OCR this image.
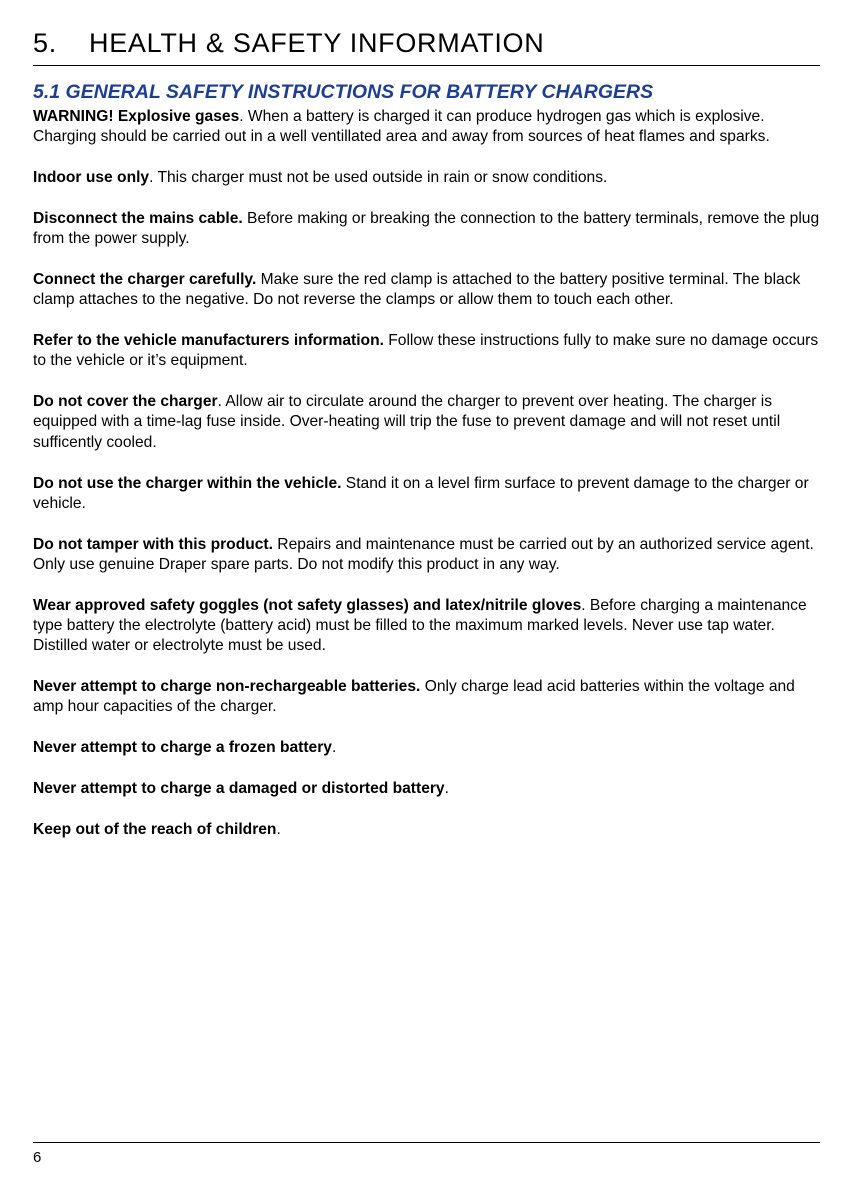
5. HEALTH & SAFETY INFORMATION
5.1 GENERAL SAFETY INSTRUCTIONS FOR BATTERY CHARGERS

WARNING! Explosive gases. When a battery is charged it can produce hydrogen gas which is explosive. Charging should be carried out in a well ventillated area and away from sources of heat flames and sparks.

Indoor use only. This charger must not be used outside in rain or snow conditions.

Disconnect the mains cable. Before making or breaking the connection to the battery terminals, remove the plug from the power supply.

Connect the charger carefully. Make sure the red clamp is attached to the battery positive terminal. The black clamp attaches to the negative. Do not reverse the clamps or allow them to touch each other.

Refer to the vehicle manufacturers information. Follow these instructions fully to make sure no damage occurs to the vehicle or it’s equipment.

Do not cover the charger. Allow air to circulate around the charger to prevent over heating. The charger is equipped with a time-lag fuse inside. Over-heating will trip the fuse to prevent damage and will not reset until sufficently cooled.

Do not use the charger within the vehicle. Stand it on a level firm surface to prevent damage to the charger or vehicle.

Do not tamper with this product. Repairs and maintenance must be carried out by an authorized service agent. Only use genuine Draper spare parts. Do not modify this product in any way.

Wear approved safety goggles (not safety glasses) and latex/nitrile gloves. Before charging a maintenance type battery the electrolyte (battery acid) must be filled to the maximum marked levels. Never use tap water. Distilled water or electrolyte must be used.

Never attempt to charge non-rechargeable batteries. Only charge lead acid batteries within the voltage and amp hour capacities of the charger.

Never attempt to charge a frozen battery.

Never attempt to charge a damaged or distorted battery.

Keep out of the reach of children.

6
